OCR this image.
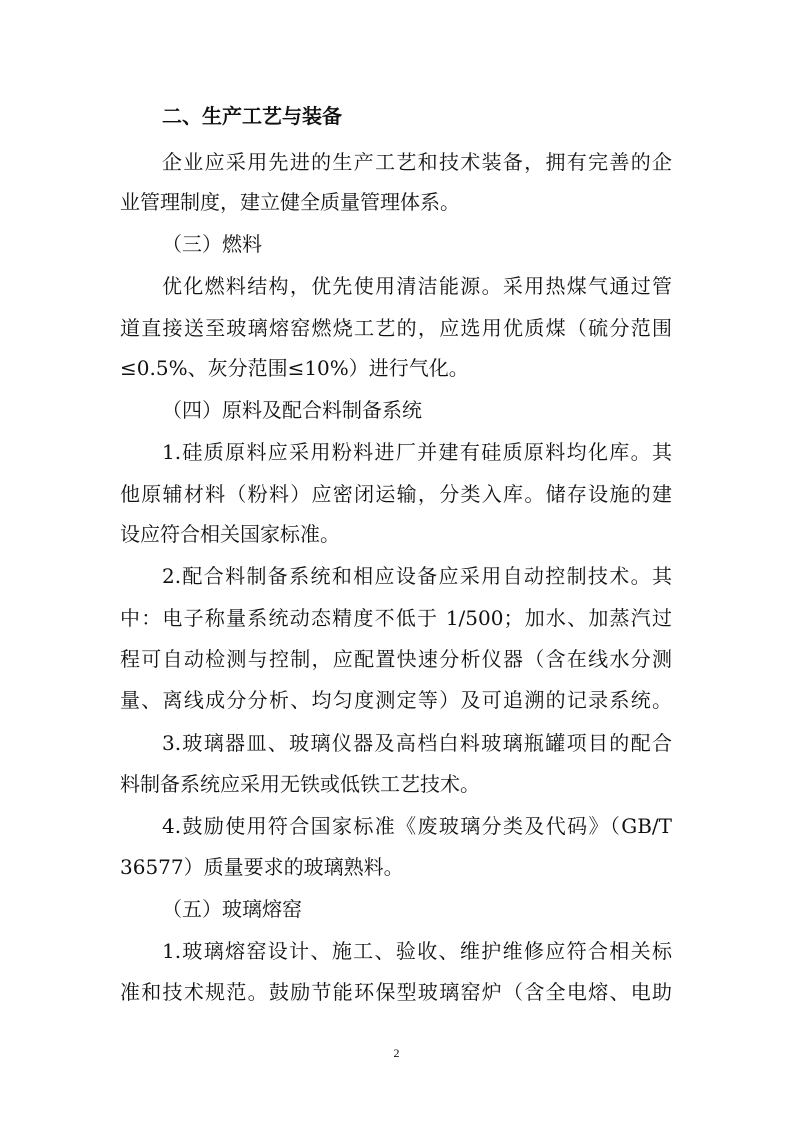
二、生产工艺与装备
企业应采用先进的生产工艺和技术装备，拥有完善的企
业管理制度，建立健全质量管理体系。
（三）燃料
优化燃料结构，优先使用清洁能源。采用热煤气通过管
道直接送至玻璃熔窑燃烧工艺的，应选用优质煤（硫分范围
≤0.5%、灰分范围≤10%）进行气化。
（四）原料及配合料制备系统
1.硅质原料应采用粉料进厂并建有硅质原料均化库。其
他原辅材料（粉料）应密闭运输，分类入库。储存设施的建
设应符合相关国家标准。
2.配合料制备系统和相应设备应采用自动控制技术。其
中：电子称量系统动态精度不低于 1/500；加水、加蒸汽过
程可自动检测与控制，应配置快速分析仪器（含在线水分测
量、离线成分分析、均匀度测定等）及可追溯的记录系统。
3.玻璃器皿、玻璃仪器及高档白料玻璃瓶罐项目的配合
料制备系统应采用无铁或低铁工艺技术。
4.鼓励使用符合国家标准《废玻璃分类及代码》（GB/T
36577）质量要求的玻璃熟料。
（五）玻璃熔窑
1.玻璃熔窑设计、施工、验收、维护维修应符合相关标
准和技术规范。鼓励节能环保型玻璃窑炉（含全电熔、电助
2
